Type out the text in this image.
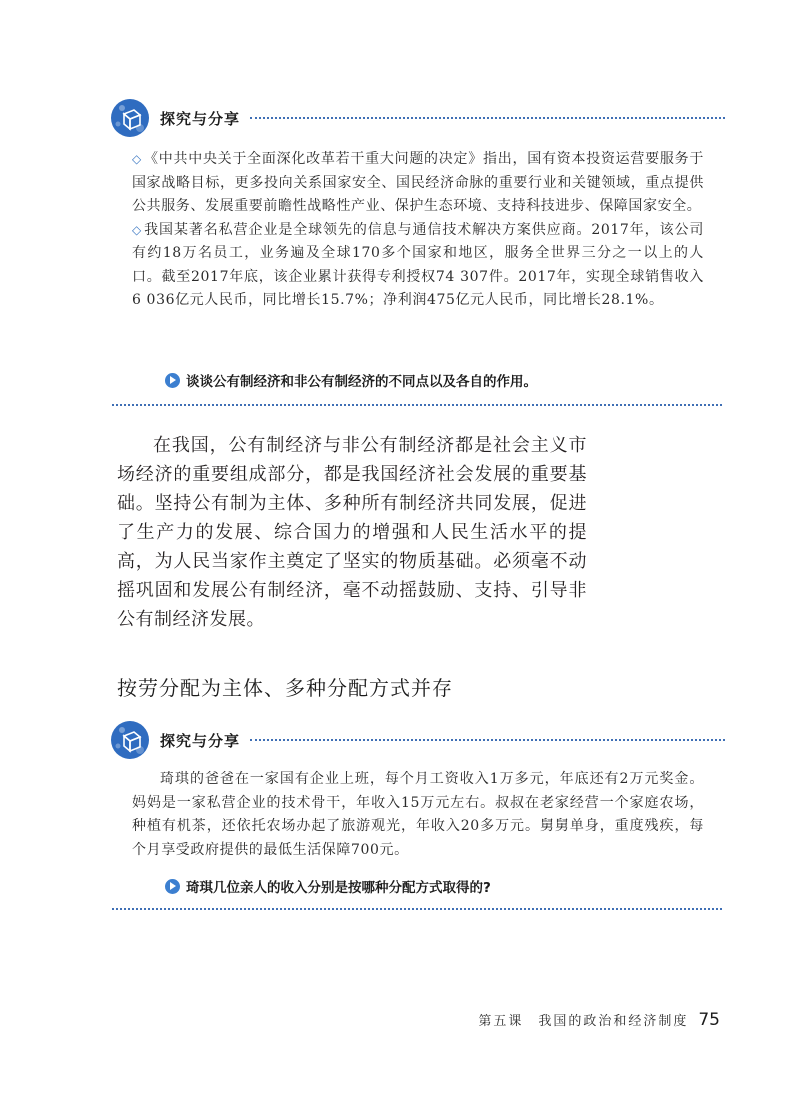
探究与分享

◇ 《中共中央关于全面深化改革若干重大问题的决定》指出，国有资本投资运营要服务于国家战略目标，更多投向关系国家安全、国民经济命脉的重要行业和关键领域，重点提供公共服务、发展重要前瞻性战略性产业、保护生态环境、支持科技进步、保障国家安全。

◇ 我国某著名私营企业是全球领先的信息与通信技术解决方案供应商。2017年，该公司有约18万名员工，业务遍及全球170多个国家和地区，服务全世界三分之一以上的人口。截至2017年底，该企业累计获得专利授权74 307件。2017年，实现全球销售收入6 036亿元人民币，同比增长15.7%；净利润475亿元人民币，同比增长28.1%。

谈谈公有制经济和非公有制经济的不同点以及各自的作用。

在我国，公有制经济与非公有制经济都是社会主义市场经济的重要组成部分，都是我国经济社会发展的重要基础。坚持公有制为主体、多种所有制经济共同发展，促进了生产力的发展、综合国力的增强和人民生活水平的提高，为人民当家作主奠定了坚实的物质基础。必须毫不动摇巩固和发展公有制经济，毫不动摇鼓励、支持、引导非公有制经济发展。

按劳分配为主体、多种分配方式并存
探究与分享

琦琪的爸爸在一家国有企业上班，每个月工资收入1万多元，年底还有2万元奖金。妈妈是一家私营企业的技术骨干，年收入15万元左右。叔叔在老家经营一个家庭农场，种植有机茶，还依托农场办起了旅游观光，年收入20多万元。舅舅单身，重度残疾，每个月享受政府提供的最低生活保障700元。

琦琪几位亲人的收入分别是按哪种分配方式取得的?
第五课　我国的政治和经济制度 75
